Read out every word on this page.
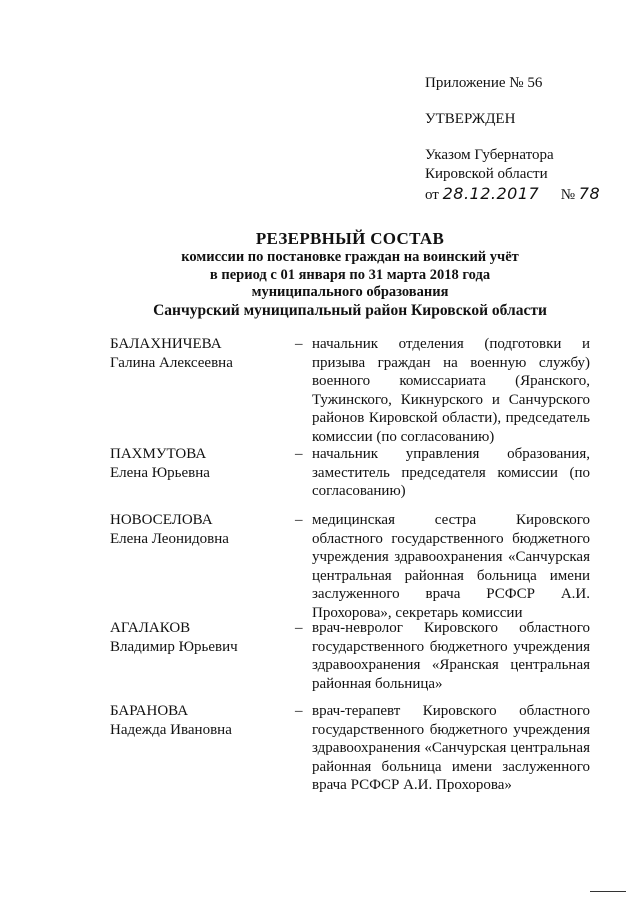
Приложение № 56
УТВЕРЖДЕН
Указом Губернатора
Кировской области
от 28.12.2017 № 78
РЕЗЕРВНЫЙ СОСТАВ
комиссии по постановке граждан на воинский учёт
в период с 01 января по 31 марта 2018 года
муниципального образования
Санчурский муниципальный район Кировской области
БАЛАХНИЧЕВА
Галина Алексеевна
– начальник отделения (подготовки и призыва граждан на военную службу) военного комиссариата (Яранского, Тужинского, Кикнурского и Санчурского районов Кировской области), председатель комиссии (по согласованию)
ПАХМУТОВА
Елена Юрьевна
– начальник управления образования, заместитель председателя комиссии (по согласованию)
НОВОСЕЛОВА
Елена Леонидовна
– медицинская сестра Кировского областного государственного бюджетного учреждения здравоохранения «Санчурская центральная районная больница имени заслуженного врача РСФСР А.И. Прохорова», секретарь комиссии
АГАЛАКОВ
Владимир Юрьевич
– врач-невролог Кировского областного государственного бюджетного учреждения здравоохранения «Яранская центральная районная больница»
БАРАНОВА
Надежда Ивановна
– врач-терапевт Кировского областного государственного бюджетного учреждения здравоохранения «Санчурская центральная районная больница имени заслуженного врача РСФСР А.И. Прохорова»
